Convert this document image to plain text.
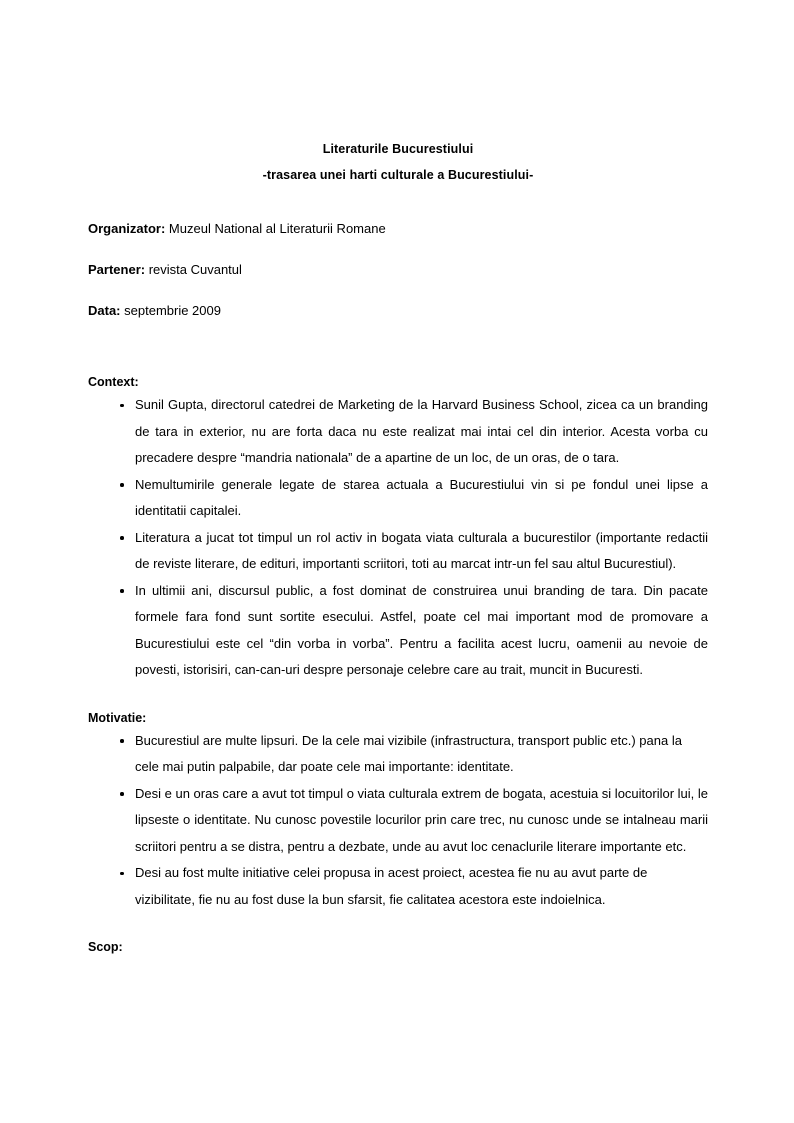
Literaturile Bucurestiului
-trasarea unei harti culturale a Bucurestiului-
Organizator: Muzeul National al Literaturii Romane
Partener: revista Cuvantul
Data: septembrie 2009
Context:
Sunil Gupta, directorul catedrei de Marketing de la Harvard Business School, zicea ca un branding de tara in exterior, nu are forta daca nu este realizat mai intai cel din interior. Acesta vorba cu precadere despre “mandria nationala” de a apartine de un loc, de un oras, de o tara.
Nemultumirile generale legate de starea actuala a Bucurestiului vin si pe fondul unei lipse a identitatii capitalei.
Literatura a jucat tot timpul un rol activ in bogata viata culturala a bucurestilor (importante redactii de reviste literare, de edituri, importanti scriitori, toti au marcat intr-un fel sau altul Bucurestiul).
In ultimii ani, discursul public, a fost dominat de construirea unui branding de tara. Din pacate formele fara fond sunt sortite esecului. Astfel, poate cel mai important mod de promovare a Bucurestiului este cel “din vorba in vorba”. Pentru a facilita acest lucru, oamenii au nevoie de povesti, istorisiri, can-can-uri despre personaje celebre care au trait, muncit in Bucuresti.
Motivatie:
Bucurestiul are multe lipsuri. De la cele mai vizibile (infrastructura, transport public etc.) pana la cele mai putin palpabile, dar poate cele mai importante: identitate.
Desi e un oras care a avut tot timpul o viata culturala extrem de bogata, acestuia si locuitorilor lui, le lipseste o identitate. Nu cunosc povestile locurilor prin care trec, nu cunosc unde se intalneau marii scriitori pentru a se distra, pentru a dezbate, unde au avut loc cenaclurile literare importante etc.
Desi au fost multe initiative celei propusa in acest proiect, acestea fie nu au avut parte de vizibilitate, fie nu au fost duse la bun sfarsit, fie calitatea acestora este indoielnica.
Scop:
